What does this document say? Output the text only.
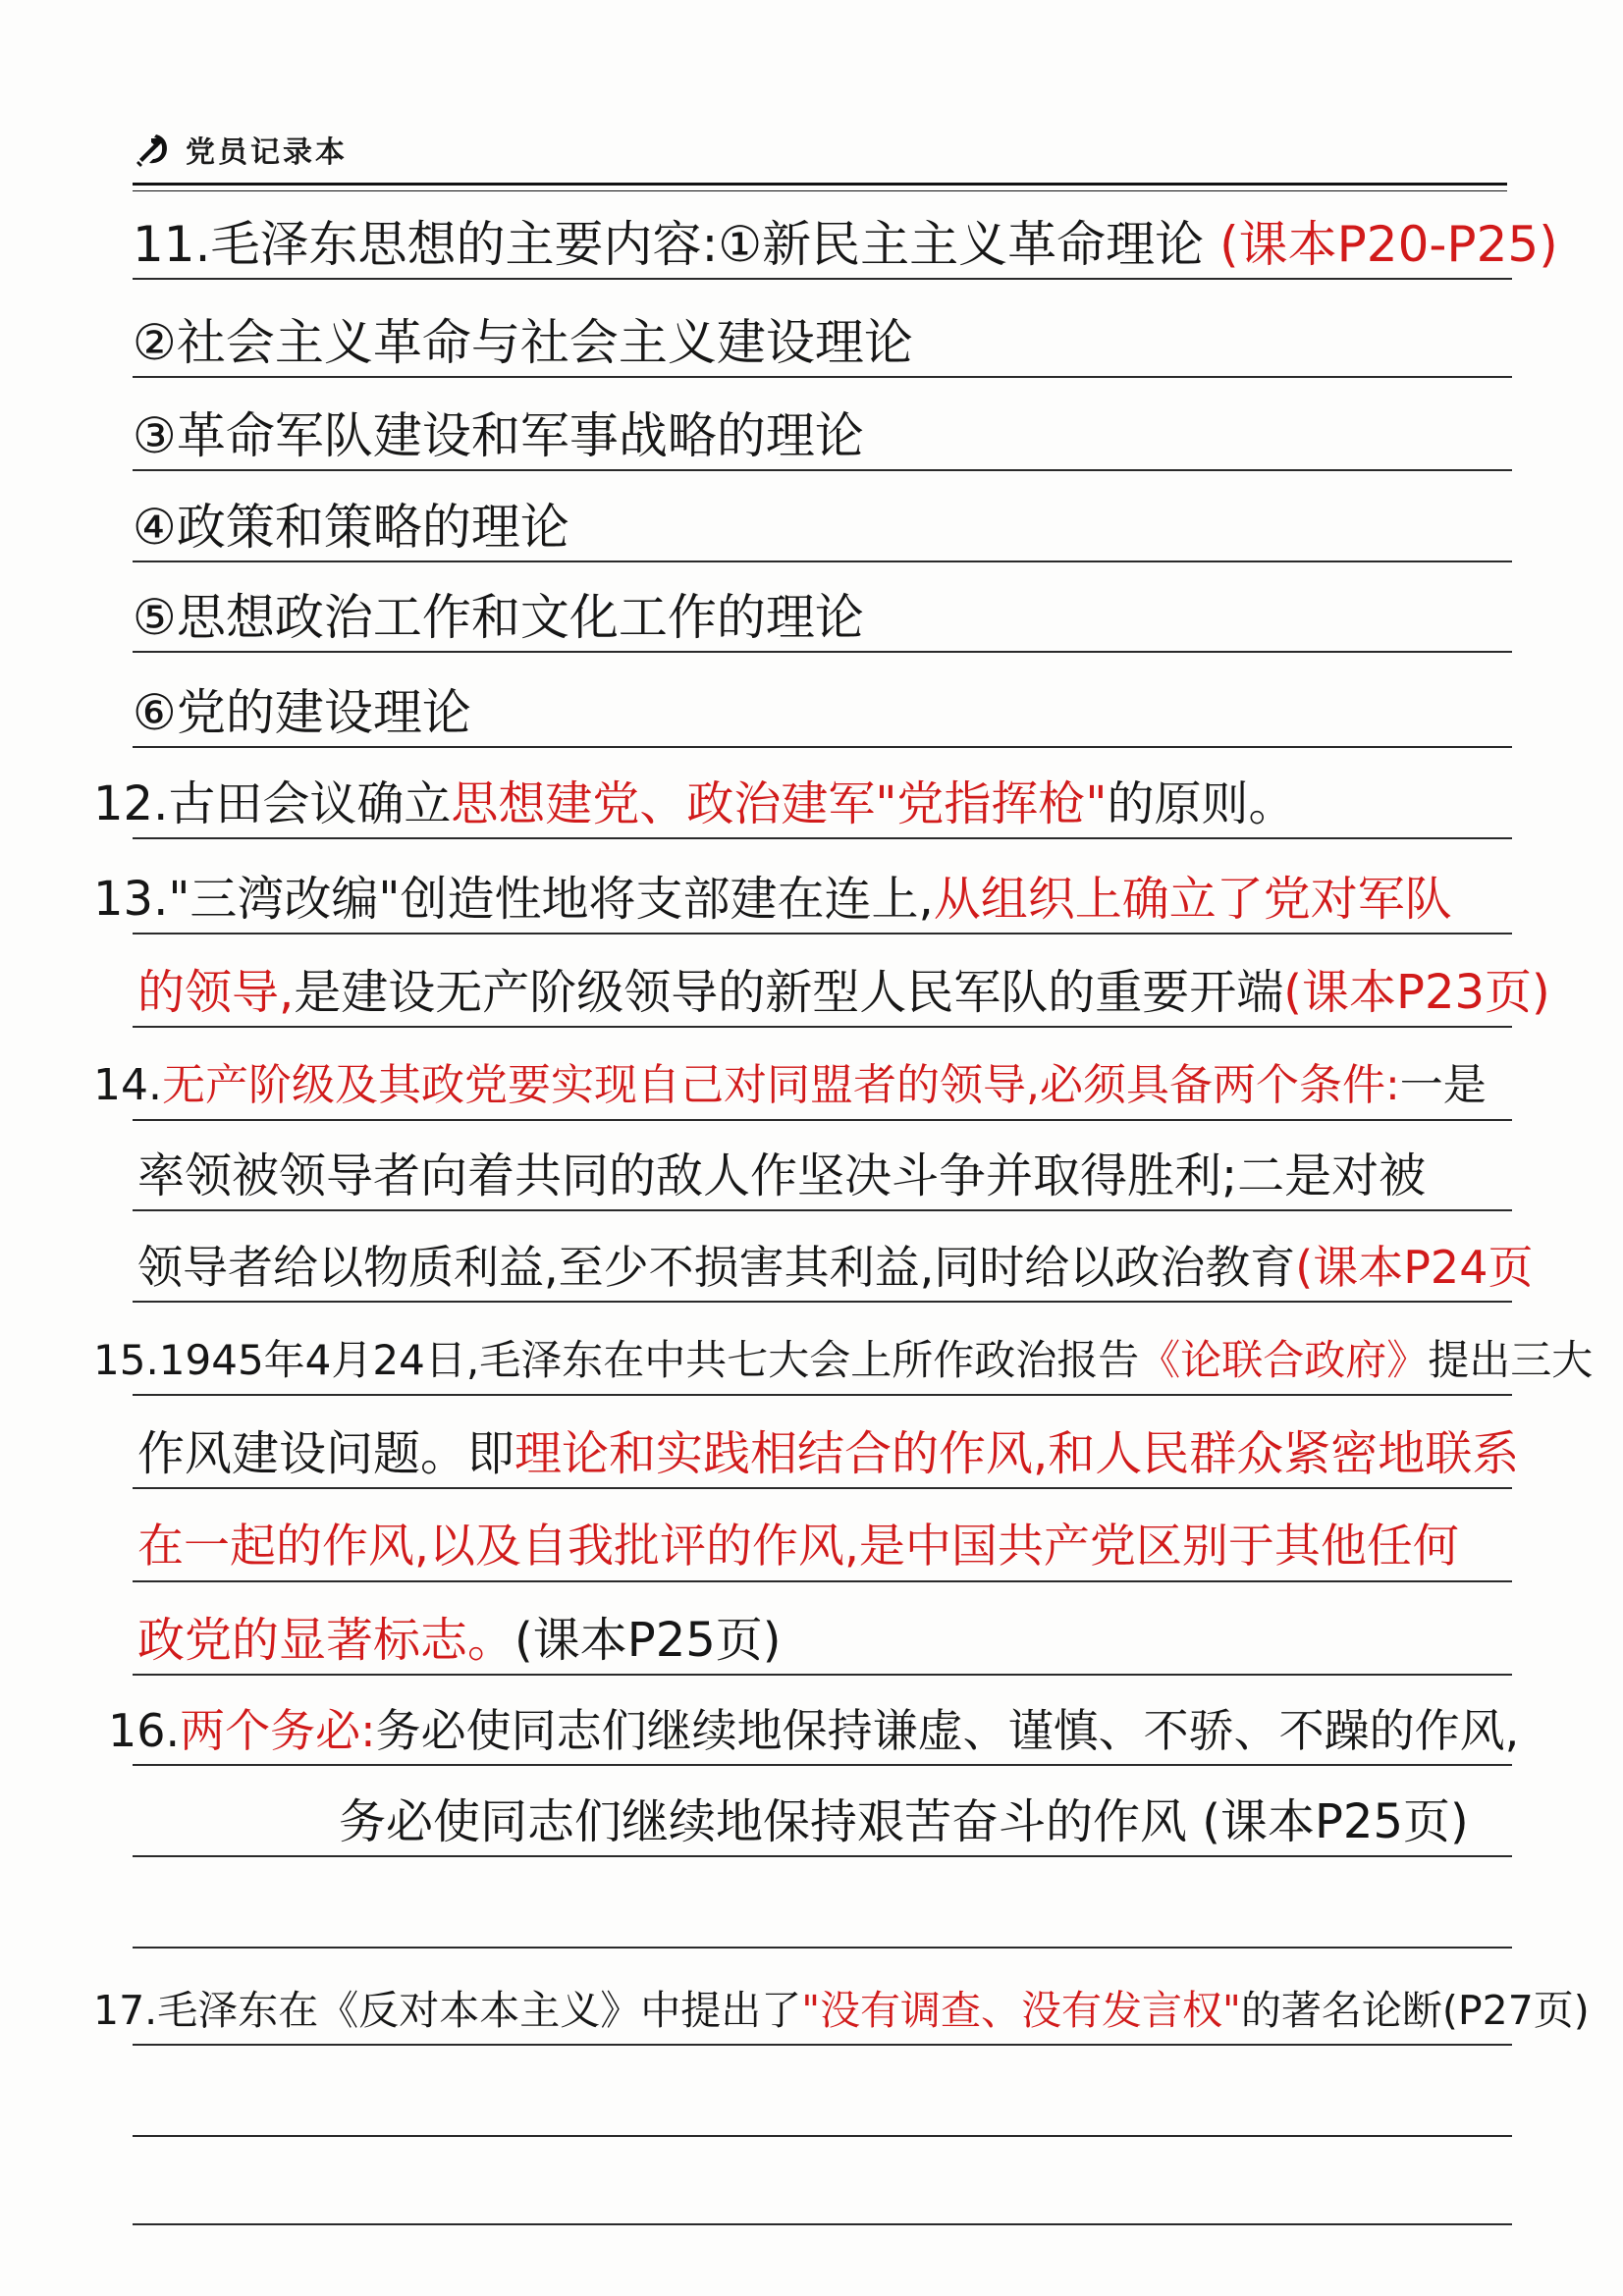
党员记录本
11.毛泽东思想的主要内容:①新民主主义革命理论 (课本P20-P25)
②社会主义革命与社会主义建设理论
③革命军队建设和军事战略的理论
④政策和策略的理论
⑤思想政治工作和文化工作的理论
⑥党的建设理论
12.古田会议确立思想建党、政治建军"党指挥枪"的原则。
13."三湾改编"创造性地将支部建在连上,从组织上确立了党对军队
的领导,是建设无产阶级领导的新型人民军队的重要开端(课本P23页)
14.无产阶级及其政党要实现自己对同盟者的领导,必须具备两个条件:一是
率领被领导者向着共同的敌人作坚决斗争并取得胜利;二是对被
领导者给以物质利益,至少不损害其利益,同时给以政治教育(课本P24页
15.1945年4月24日,毛泽东在中共七大会上所作政治报告《论联合政府》提出三大
作风建设问题。即理论和实践相结合的作风,和人民群众紧密地联系
在一起的作风,以及自我批评的作风,是中国共产党区别于其他任何
政党的显著标志。(课本P25页)
16.两个务必:务必使同志们继续地保持谦虚、谨慎、不骄、不躁的作风,
务必使同志们继续地保持艰苦奋斗的作风 (课本P25页)
17.毛泽东在《反对本本主义》中提出了"没有调查、没有发言权"的著名论断(P27页)
